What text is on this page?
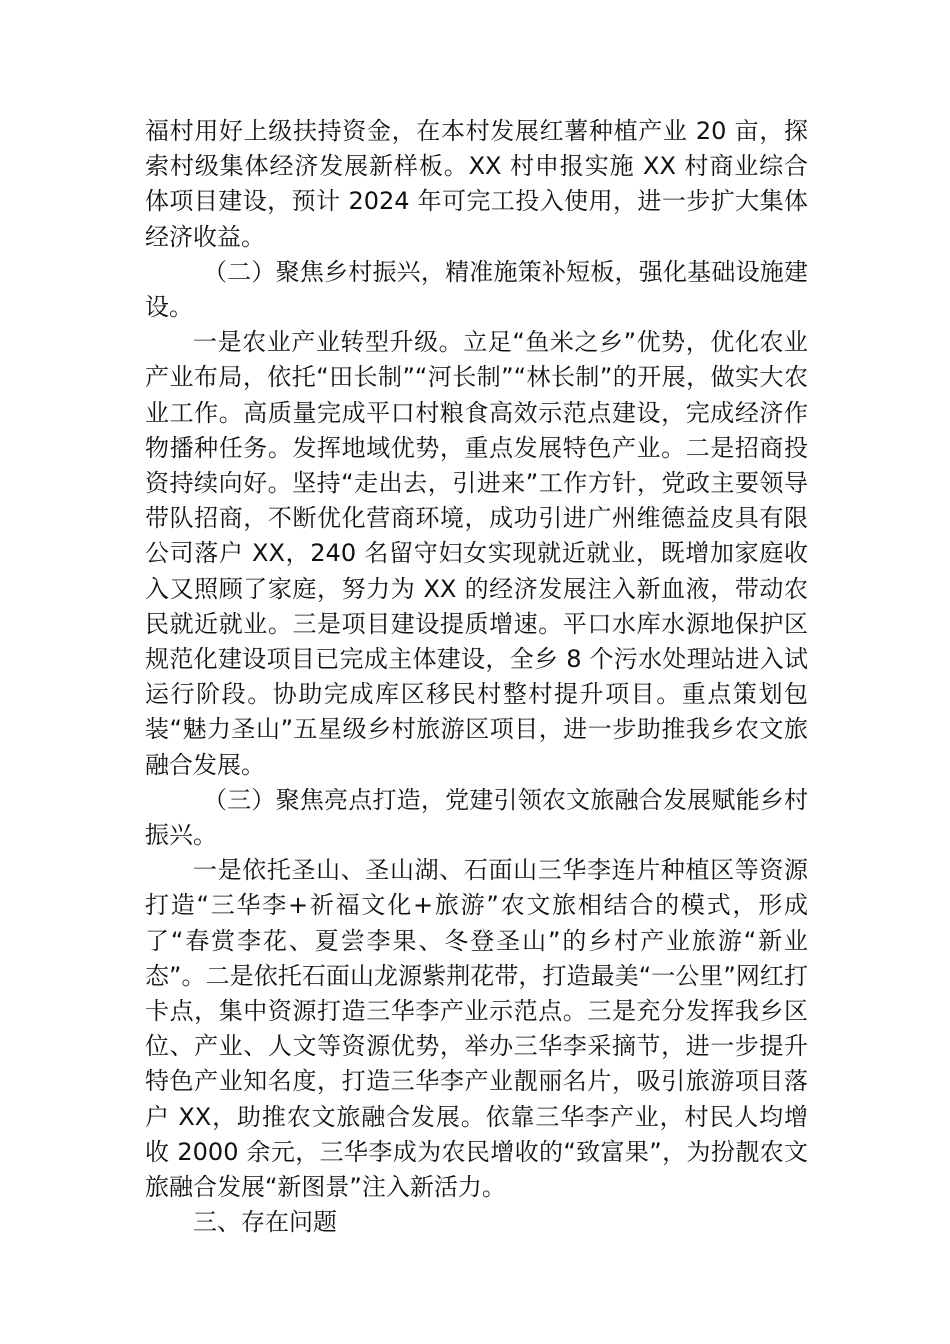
福村用好上级扶持资金，在本村发展红薯种植产业 20 亩，探索村级集体经济发展新样板。XX 村申报实施 XX 村商业综合体项目建设，预计 2024 年可完工投入使用，进一步扩大集体经济收益。

（二）聚焦乡村振兴，精准施策补短板，强化基础设施建设。

一是农业产业转型升级。立足“鱼米之乡”优势，优化农业产业布局，依托“田长制”“河长制”“林长制”的开展，做实大农业工作。高质量完成平口村粮食高效示范点建设，完成经济作物播种任务。发挥地域优势，重点发展特色产业。二是招商投资持续向好。坚持“走出去，引进来”工作方针，党政主要领导带队招商，不断优化营商环境，成功引进广州维德益皮具有限公司落户 XX，240 名留守妇女实现就近就业，既增加家庭收入又照顾了家庭，努力为 XX 的经济发展注入新血液，带动农民就近就业。三是项目建设提质增速。平口水库水源地保护区规范化建设项目已完成主体建设，全乡 8 个污水处理站进入试运行阶段。协助完成库区移民村整村提升项目。重点策划包装“魅力圣山”五星级乡村旅游区项目，进一步助推我乡农文旅融合发展。

（三）聚焦亮点打造，党建引领农文旅融合发展赋能乡村振兴。

一是依托圣山、圣山湖、石面山三华李连片种植区等资源打造“三华李+祈福文化+旅游”农文旅相结合的模式，形成了“春赏李花、夏尝李果、冬登圣山”的乡村产业旅游“新业态”。二是依托石面山龙源紫荆花带，打造最美“一公里”网红打卡点，集中资源打造三华李产业示范点。三是充分发挥我乡区位、产业、人文等资源优势，举办三华李采摘节，进一步提升特色产业知名度，打造三华李产业靓丽名片，吸引旅游项目落户 XX，助推农文旅融合发展。依靠三华李产业，村民人均增收 2000 余元，三华李成为农民增收的“致富果”，为扮靓农文旅融合发展“新图景”注入新活力。

三、存在问题
